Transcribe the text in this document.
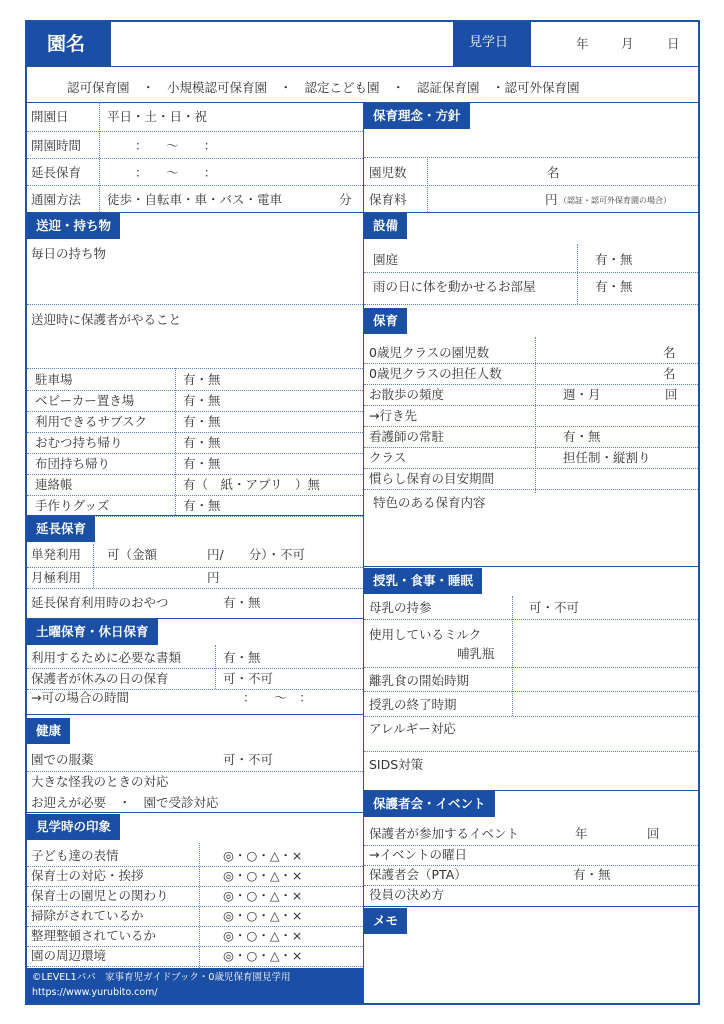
園名	見学日	年	月	日
認可保育園　・　小規模認可保育園　・　認定こども園　・　認証保育園　・認可外保育園
開園日	平日・土・日・祝
開園時間	：　　〜　　：
延長保育	：　　〜　　：
通園方法 徒歩・自転車・車・バス・電車	分
送迎・持ち物
毎日の持ち物
送迎時に保護者がやること
駐車場	有・無
ベビーカー置き場	有・無
利用できるサブスク	有・無
おむつ持ち帰り	有・無
布団持ち帰り	有・無
連絡帳	有（　紙・アプリ　）無
手作りグッズ	有・無
延長保育
単発利用 可（金額　　　　円/　　分）・不可
月極利用	円
延長保育利用時のおやつ	有・無
土曜保育・休日保育
利用するために必要な書類	有・無
保護者が休みの日の保育	可・不可
→可の場合の時間	：　　〜　：
健康
園での服薬	可・不可
大きな怪我のときの対応
お迎えが必要　・　園で受診対応
見学時の印象
子ども達の表情	◎・○・△・×
保育士の対応・挨拶	◎・○・△・×
保育士の園児との関わり	◎・○・△・×
掃除がされているか	◎・○・△・×
整理整頓されているか	◎・○・△・×
園の周辺環境	◎・○・△・×
©LEVEL1パパ　家事育児ガイドブック・0歳児保育園見学用
https://www.yurubito.com/
保育理念・方針
園児数	名
保育料	円 （認証・認可外保育園の場合）
設備
園庭	有・無
雨の日に体を動かせるお部屋	有・無
保育
0歳児クラスの園児数	名
0歳児クラスの担任人数	名
お散歩の頻度	週・月	回
→行き先
看護師の常駐	有・無
クラス	担任制・縦割り
慣らし保育の目安期間
特色のある保育内容
授乳・食事・睡眠
母乳の持参	可・不可
使用しているミルク
哺乳瓶
離乳食の開始時期
授乳の終了時期
アレルギー対応
SIDS対策
保護者会・イベント
保護者が参加するイベント	年	回
→イベントの曜日
保護者会（PTA）	有・無
役員の決め方
メモ
